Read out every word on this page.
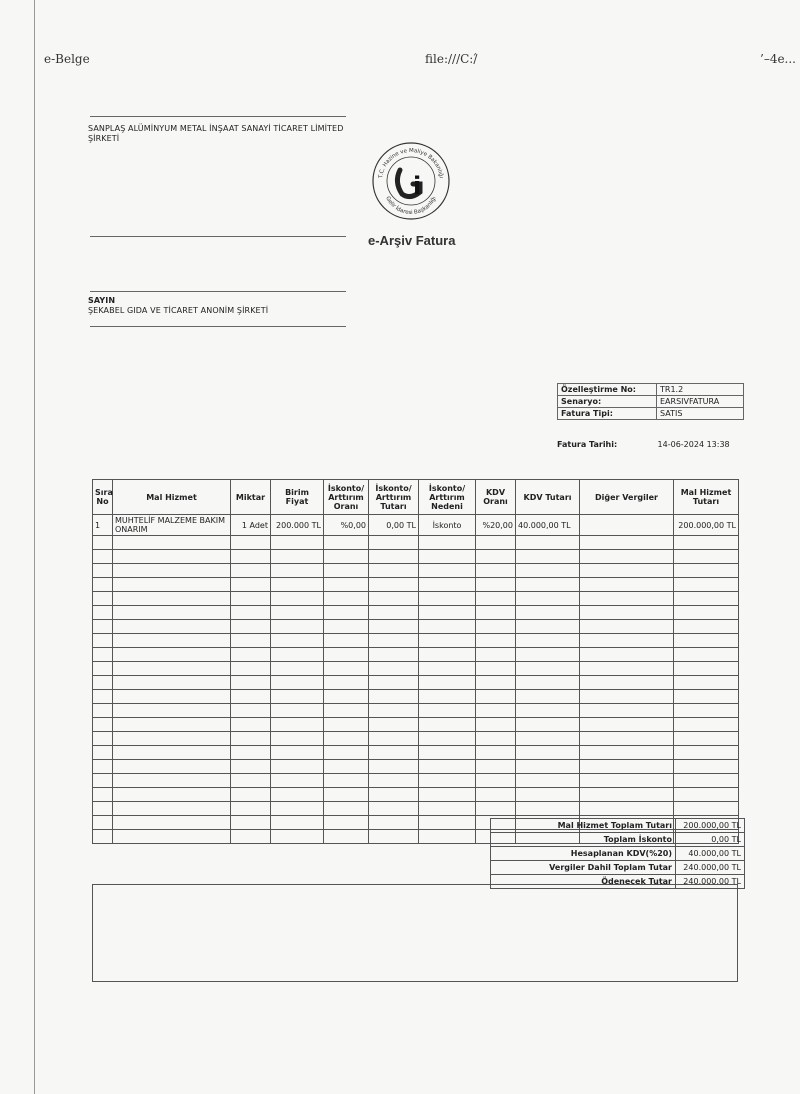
e-Belge	file:///C:/́	’–4e...
SANPLAŞ ALÜMİNYUM METAL İNŞAAT SANAYİ TİCARET LİMİTED ŞİRKETİ
T.C. Hazine ve Maliye Bakanlığı
Gelir İdaresi Başkanlığı
i
e-Arşiv Fatura
SAYIN
ŞEKABEL GIDA VE TİCARET ANONİM ŞİRKETİ
Özelleştirme No:	TR1.2
Senaryo:	EARSIVFATURA
Fatura Tipi:	SATIS
Fatura Tarihi:	14-06-2024 13:38
Sıra No	Mal Hizmet	Miktar	Birim Fiyat	İskonto/ Arttırım Oranı	İskonto/ Arttırım Tutarı	İskonto/ Arttırım Nedeni	KDV Oranı	KDV Tutarı	Diğer Vergiler	Mal Hizmet Tutarı
1	MUHTELİF MALZEME BAKIM ONARIM	1 Adet	200.000 TL	%0,00	0,00 TL	İskonto	%20,00	40.000,00 TL		200.000,00 TL

Mal Hizmet Toplam Tutarı	200.000,00 TL
Toplam İskonto	0,00 TL
Hesaplanan KDV(%20)	40.000,00 TL
Vergiler Dahil Toplam Tutar	240.000,00 TL
Ödenecek Tutar	240.000,00 TL
